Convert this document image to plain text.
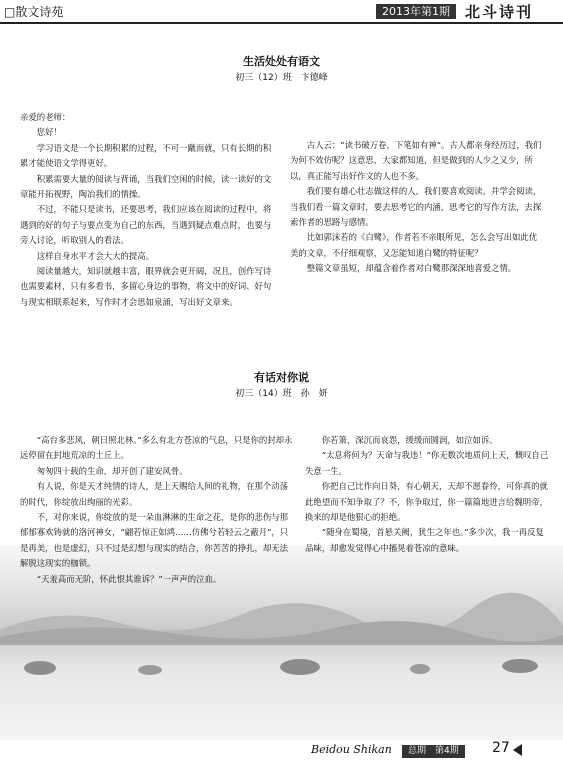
□散文诗苑	2013年第1期	北斗诗刊
生活处处有语文
初三（12）班　卞德峰

亲爱的老师：

您好！

学习语文是一个长期积累的过程，不可一蹴而就，只有长期的积累才能使语文学得更好。

积累需要大量的阅读与背诵，当我们空闲的时候，读一读好的文章能开拓视野，陶冶我们的情操。

不过，不能只是读书，还要思考，我们应该在阅读的过程中，将遇到的好的句子与要点变为自己的东西，当遇到疑点难点时，也要与旁人讨论，听取别人的看法。

这样自身水平才会大大的提高。

阅读量越大，知识就越丰富，眼界就会更开阔，况且，创作写诗也需要素材，只有多看书，多留心身边的事物，将文中的好词、好句与现实相联系起来，写作时才会思如泉涌，写出好文章来。

古人云：“读书破万卷，下笔如有神”。古人都亲身经历过，我们为何不效仿呢？这意思，大家都知道，但是做到的人少之又少，所以，真正能写出好作文的人也不多。

我们要有雄心壮志做这样的人，我们要喜欢阅读，并学会阅读，当我们看一篇文章时，要去思考它的内涵，思考它的写作方法，去探索作者的思路与感情。

比如郭沫若的《白鹭》，作者若不亲眼所见，怎么会写出如此优美的文章，不仔细观察，又怎能知道白鹭的特征呢？

整篇文章虽短，却蕴含着作者对白鹭那深深地喜爱之情。

有话对你说
初三（14）班　孙　妍

“高台多悲风，朝日照北林。”多么有北方苍凉的气息，只是你的封却永远停留在封地荒凉的土丘上。

匆匆四十载的生命，却开创了建安风骨。

有人说，你是天才纯情的诗人，是上天赐给人间的礼物，在那个动荡的时代，你绽放出绚丽的光彩。

不，对你来说，你绽放的是一朵血淋淋的生命之花，是你的悲伤与那郁郁寡欢铸就的洛河神女，“翩若惊正如鸿……仿佛兮若轻云之蔽月”，只是再美，也是虚幻，只不过是幻想与现实的结合，你苦苦的挣扎，却无法解脱这现实的枷锁。

“天羞高而无阶，怀此恨其谁诉？”一声声的泣血。

你若箫，深沉而哀怨，缓缓而圆润，如泣如诉。

“太息将何为？天命与我违！”你无数次地质问上天，慨叹自己失意一生。

你把自己比作向日葵，有心朝天，天却不愿眷怜，可你真的就此绝望而不知争取了？不，你争取过，你一篇篇地进言给魏明帝，换来的却是他狠心的拒绝。

“随身在蜀境，首悬关阙，犹生之年也。”多少次，我一再反复品味，却愈发觉得心中搐晃着苍凉的意味。

Beidou Shikan	总期　第4期	27
